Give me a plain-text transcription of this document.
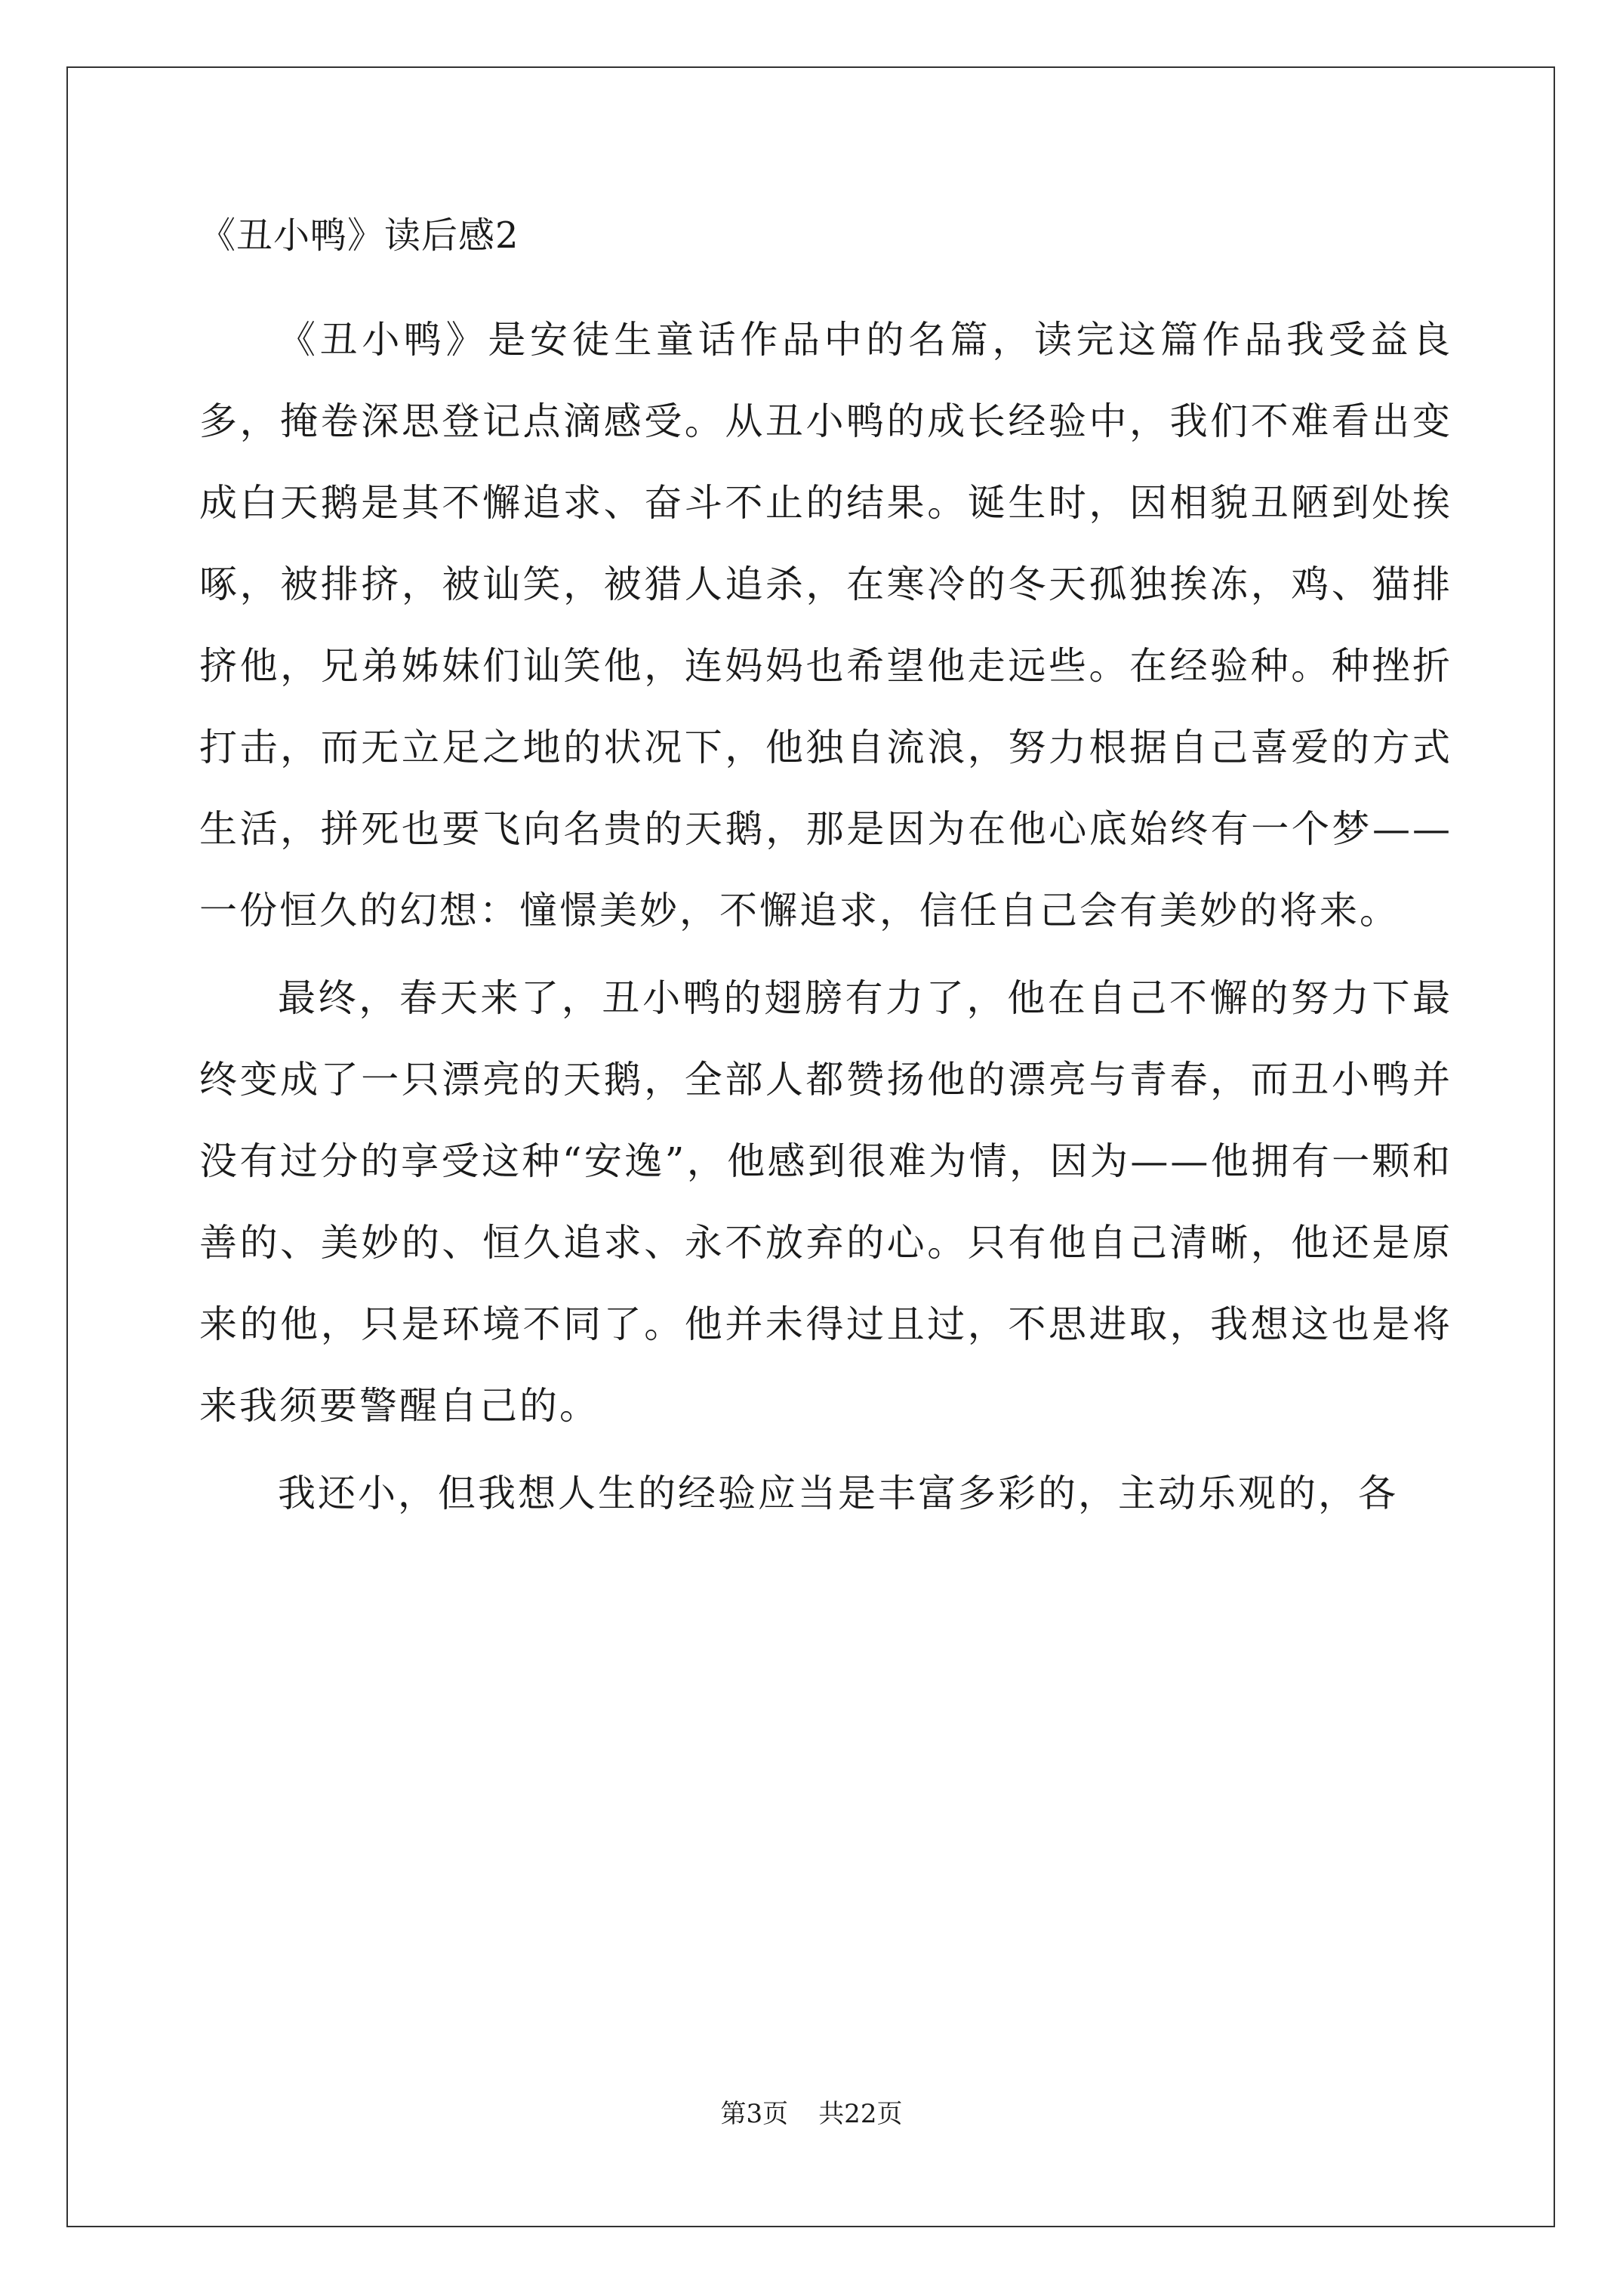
《丑小鸭》读后感2

《丑小鸭》是安徒生童话作品中的名篇，读完这篇作品我受益良多，掩卷深思登记点滴感受。从丑小鸭的成长经验中，我们不难看出变成白天鹅是其不懈追求、奋斗不止的结果。诞生时，因相貌丑陋到处挨啄，被排挤，被讪笑，被猎人追杀，在寒冷的冬天孤独挨冻，鸡、猫排挤他，兄弟姊妹们讪笑他，连妈妈也希望他走远些。在经验种。种挫折打击，而无立足之地的状况下，他独自流浪，努力根据自己喜爱的方式生活，拼死也要飞向名贵的天鹅，那是因为在他心底始终有一个梦——一份恒久的幻想：憧憬美妙，不懈追求，信任自己会有美妙的将来。

最终，春天来了，丑小鸭的翅膀有力了，他在自己不懈的努力下最终变成了一只漂亮的天鹅，全部人都赞扬他的漂亮与青春，而丑小鸭并没有过分的享受这种“安逸”，他感到很难为情，因为——他拥有一颗和善的、美妙的、恒久追求、永不放弃的心。只有他自己清晰，他还是原来的他，只是环境不同了。他并未得过且过，不思进取，我想这也是将来我须要警醒自己的。

我还小，但我想人生的经验应当是丰富多彩的，主动乐观的，各

第3页 共22页
